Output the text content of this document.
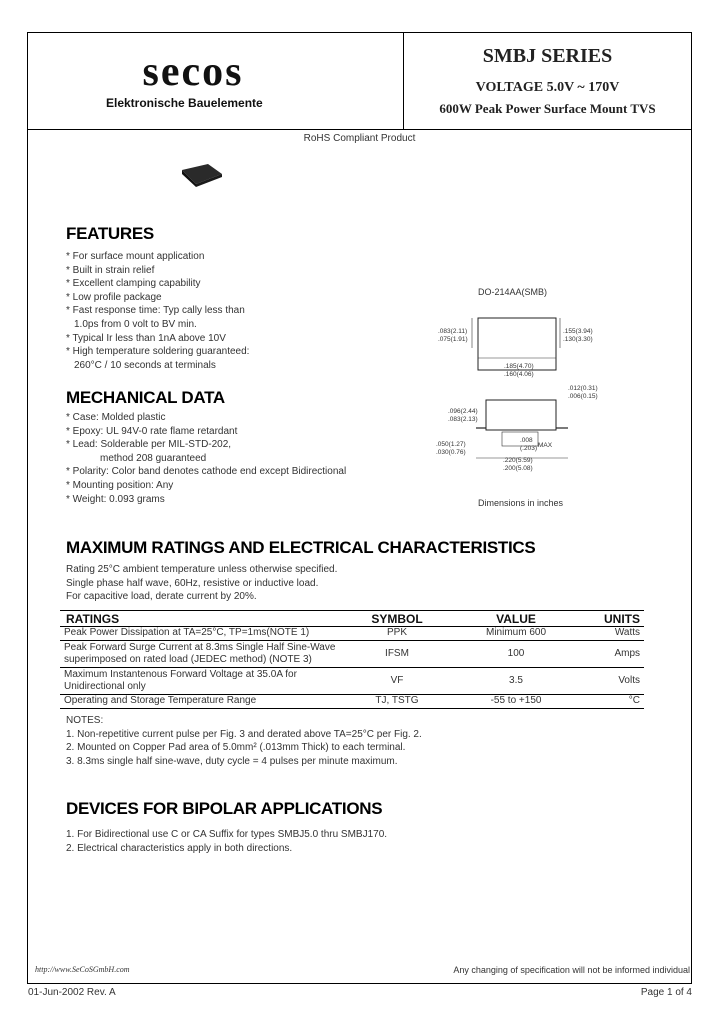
secos
Elektronische Bauelemente
SMBJ SERIES
VOLTAGE 5.0V ~ 170V
600W Peak Power Surface Mount TVS
RoHS Compliant Product
FEATURES
* For surface mount application
* Built in strain relief
* Excellent clamping capability
* Low profile package
* Fast response time: Typ cally less than
1.0ps from 0 volt to BV min.
* Typical Ir less than 1nA above 10V
* High temperature soldering guaranteed:
260°C / 10 seconds at terminals
MECHANICAL DATA
* Case: Molded plastic
* Epoxy: UL 94V-0 rate flame retardant
* Lead: Solderable per MIL-STD-202,
method 208 guaranteed
* Polarity: Color band denotes cathode end except Bidirectional
* Mounting position: Any
* Weight: 0.093 grams
DO-214AA(SMB)
.083(2.11)
.075(1.91)
.155(3.94)
.130(3.30)
.185(4.70)
.160(4.06)
.012(0.31)
.006(0.15)
.096(2.44)
.083(2.13)
.050(1.27)
.030(0.76)
.008
(.203) MAX
.220(5.59)
.200(5.08)
Dimensions in inches
MAXIMUM RATINGS AND ELECTRICAL CHARACTERISTICS
Rating 25°C ambient temperature unless otherwise specified.
Single phase half wave, 60Hz, resistive or inductive load.
For capacitive load, derate current by 20%.
RATINGS	SYMBOL	VALUE	UNITS
Peak Power Dissipation at TA=25°C, TP=1ms(NOTE 1)	PPK	Minimum 600	Watts

Peak Forward Surge Current at 8.3ms Single Half Sine-Wave
superimposed on rated load (JEDEC method) (NOTE 3)	IFSM	100	Amps

Maximum Instantenous Forward Voltage at 35.0A for
Unidirectional only	VF	3.5	Volts
Operating and Storage Temperature Range	TJ, TSTG	-55 to +150	°C
NOTES:
1. Non-repetitive current pulse per Fig. 3 and derated above TA=25°C per Fig. 2.
2. Mounted on Copper Pad area of 5.0mm² (.013mm Thick) to each terminal.
3. 8.3ms single half sine-wave, duty cycle = 4 pulses per minute maximum.
DEVICES FOR BIPOLAR APPLICATIONS
1. For Bidirectional use C or CA Suffix for types SMBJ5.0 thru SMBJ170.
2. Electrical characteristics apply in both directions.
http://www.SeCoSGmbH.com	Any changing of specification will not be informed individual
01-Jun-2002 Rev. A	Page 1 of 4
